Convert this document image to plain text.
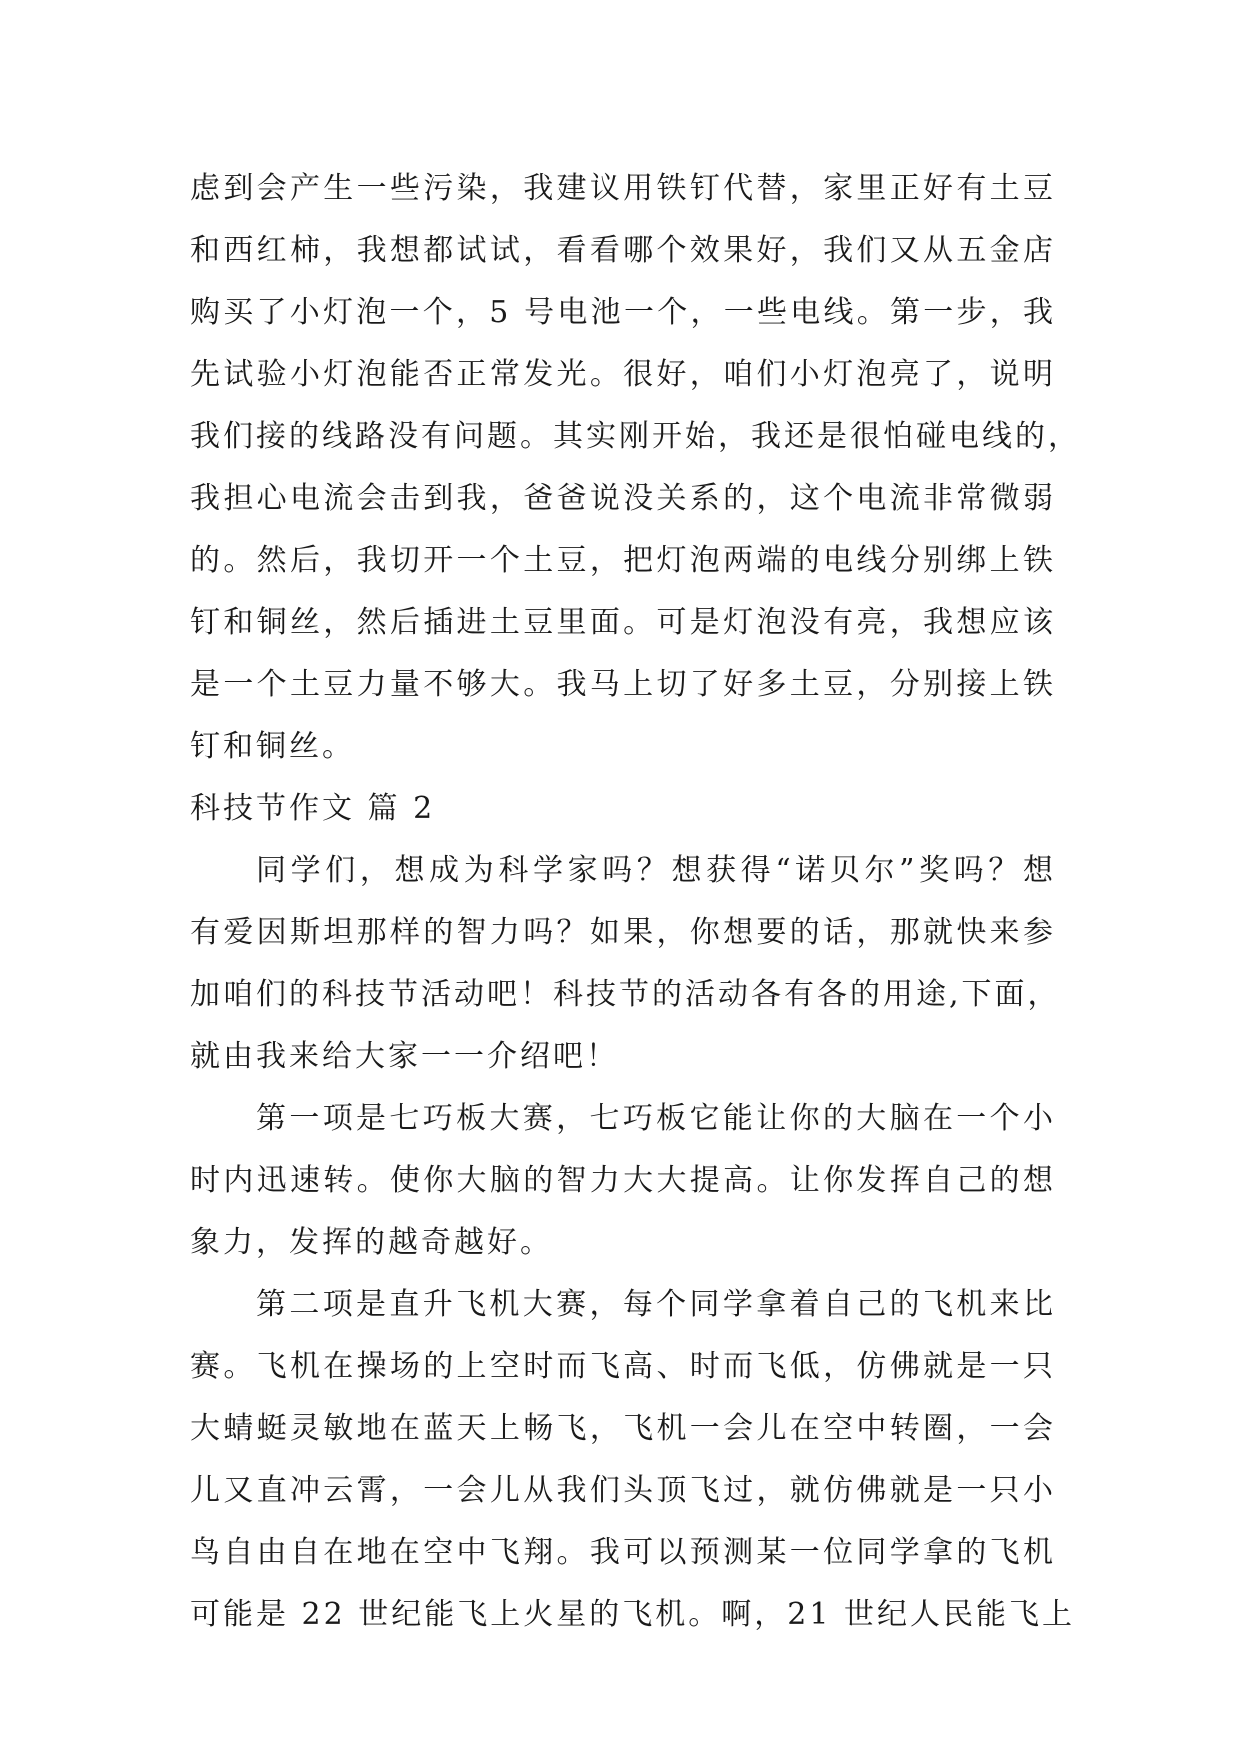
虑到会产生一些污染，我建议用铁钉代替，家里正好有土豆
和西红柿，我想都试试，看看哪个效果好，我们又从五金店
购买了小灯泡一个，5 号电池一个，一些电线。第一步，我
先试验小灯泡能否正常发光。很好，咱们小灯泡亮了，说明
我们接的线路没有问题。其实刚开始，我还是很怕碰电线的，
我担心电流会击到我，爸爸说没关系的，这个电流非常微弱
的。然后，我切开一个土豆，把灯泡两端的电线分别绑上铁
钉和铜丝，然后插进土豆里面。可是灯泡没有亮，我想应该
是一个土豆力量不够大。我马上切了好多土豆，分别接上铁
钉和铜丝。
科技节作文 篇 2
同学们，想成为科学家吗？想获得“诺贝尔”奖吗？想
有爱因斯坦那样的智力吗？如果，你想要的话，那就快来参
加咱们的科技节活动吧！科技节的活动各有各的用途,下面，
就由我来给大家一一介绍吧！
第一项是七巧板大赛，七巧板它能让你的大脑在一个小
时内迅速转。使你大脑的智力大大提高。让你发挥自己的想
象力，发挥的越奇越好。
第二项是直升飞机大赛，每个同学拿着自己的飞机来比
赛。飞机在操场的上空时而飞高、时而飞低，仿佛就是一只
大蜻蜓灵敏地在蓝天上畅飞，飞机一会儿在空中转圈，一会
儿又直冲云霄，一会儿从我们头顶飞过，就仿佛就是一只小
鸟自由自在地在空中飞翔。我可以预测某一位同学拿的飞机
可能是 22 世纪能飞上火星的飞机。啊，21 世纪人民能飞上
